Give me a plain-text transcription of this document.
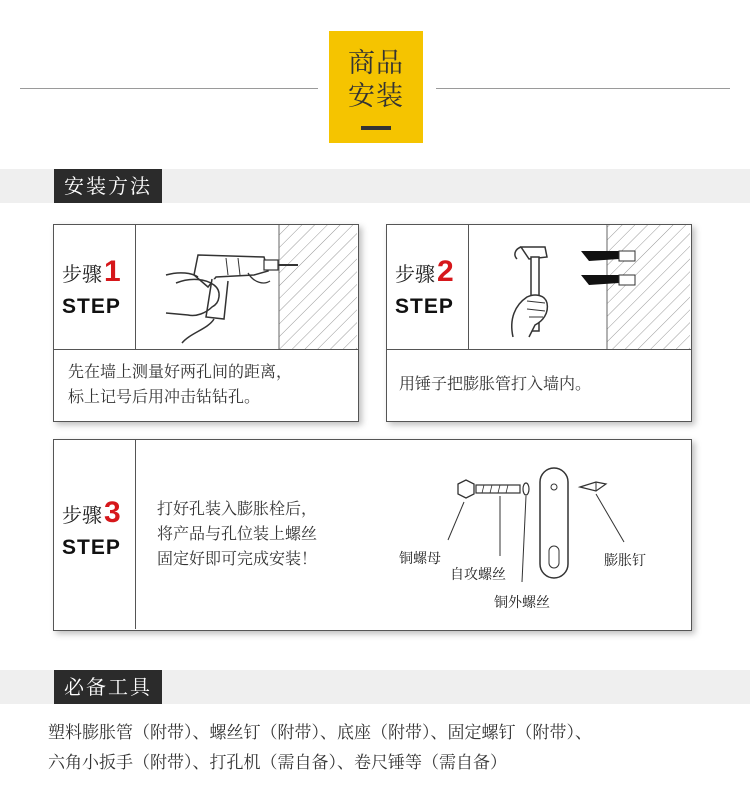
商品
安装
安装方法
步骤1
STEP
先在墙上测量好两孔间的距离，
标上记号后用冲击钻钻孔。
步骤2
STEP
用锤子把膨胀管打入墙内。
步骤3
STEP
打好孔装入膨胀栓后，
将产品与孔位装上螺丝
固定好即可完成安装！	铜螺母
自攻螺丝
铜外螺丝
膨胀钉
必备工具
塑料膨胀管（附带）、螺丝钉（附带）、底座（附带）、固定螺钉（附带）、
六角小扳手（附带）、打孔机（需自备）、卷尺锤等（需自备）
